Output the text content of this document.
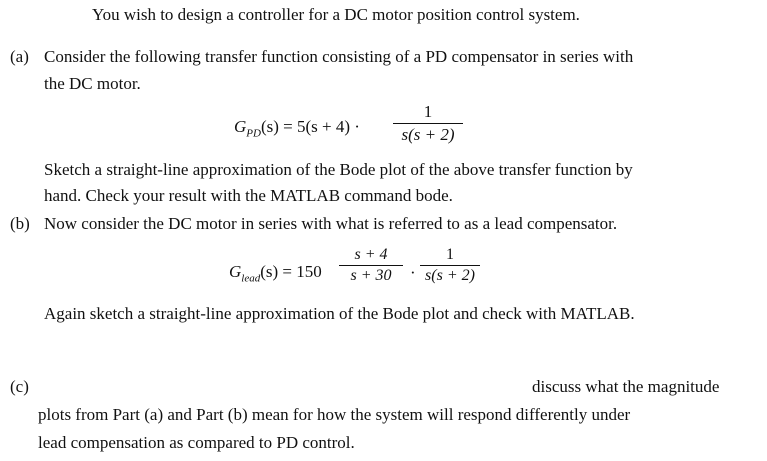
You wish to design a controller for a DC motor position control system.
(a) Consider the following transfer function consisting of a PD compensator in series with
the DC motor.
$G_{PD}(s) = 5(s + 4)$ ·
1
s(s + 2)
Sketch a straight-line approximation of the Bode plot of the above transfer function by
hand. Check your result with the MATLAB command bode.
(b) Now consider the DC motor in series with what is referred to as a lead compensator.
$G_{lead}(s) = 150$
s + 4
s + 30	·
1
s(s + 2)
Again sketch a straight-line approximation of the Bode plot and check with MATLAB.
(c)	discuss what the magnitude
plots from Part (a) and Part (b) mean for how the system will respond differently under
lead compensation as compared to PD control.
